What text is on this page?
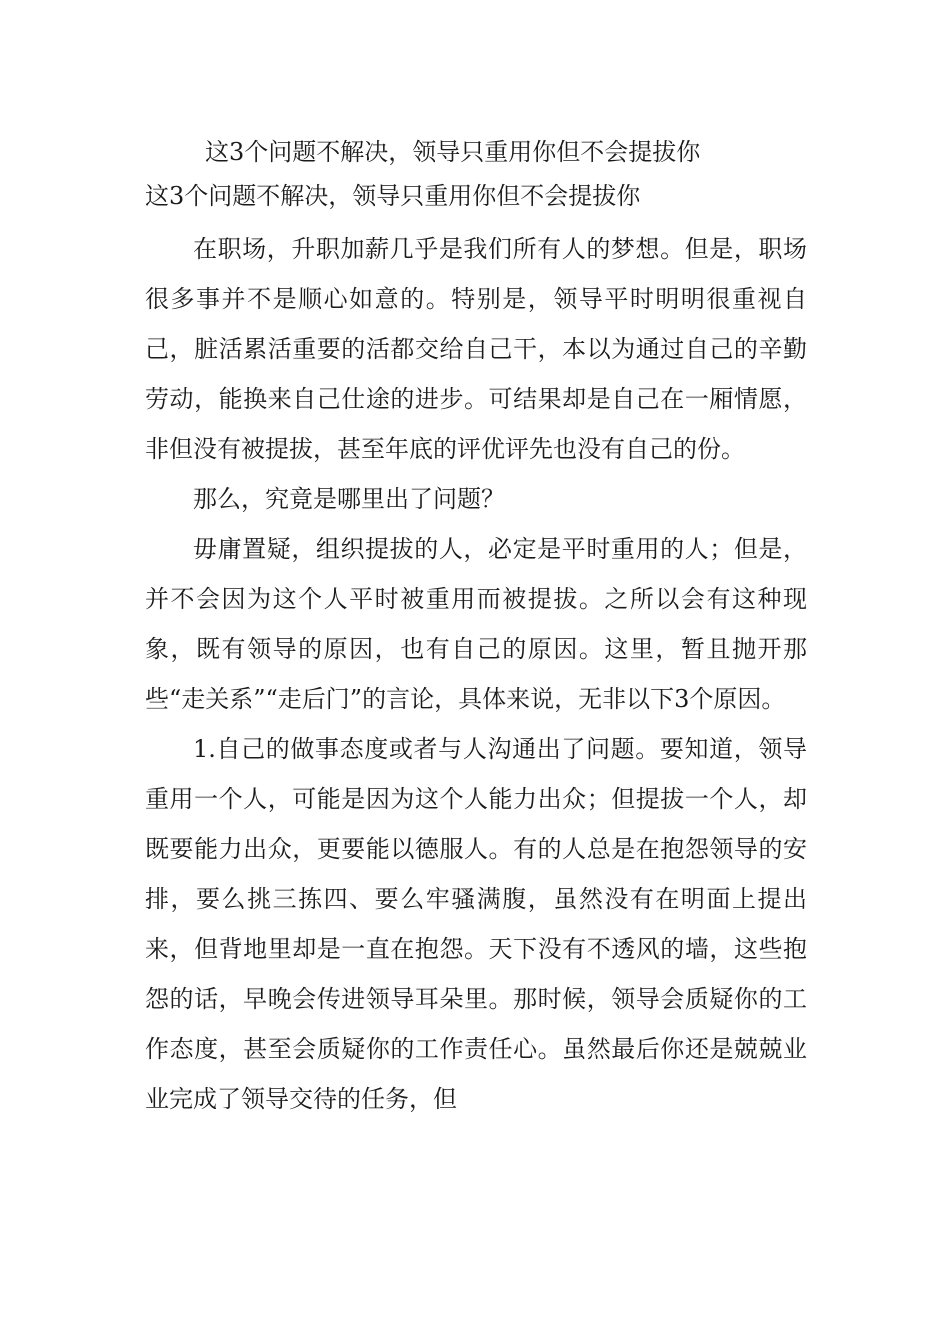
这3个问题不解决，领导只重用你但不会提拔你
这3个问题不解决，领导只重用你但不会提拔你

在职场，升职加薪几乎是我们所有人的梦想。但是，职场很多事并不是顺心如意的。特别是，领导平时明明很重视自己，脏活累活重要的活都交给自己干，本以为通过自己的辛勤劳动，能换来自己仕途的进步。可结果却是自己在一厢情愿，非但没有被提拔，甚至年底的评优评先也没有自己的份。

那么，究竟是哪里出了问题？

毋庸置疑，组织提拔的人，必定是平时重用的人；但是，并不会因为这个人平时被重用而被提拔。之所以会有这种现象，既有领导的原因，也有自己的原因。这里，暂且抛开那些“走关系”“走后门”的言论，具体来说，无非以下3个原因。

1.自己的做事态度或者与人沟通出了问题。要知道，领导重用一个人，可能是因为这个人能力出众；但提拔一个人，却既要能力出众，更要能以德服人。有的人总是在抱怨领导的安排，要么挑三拣四、要么牢骚满腹，虽然没有在明面上提出来，但背地里却是一直在抱怨。天下没有不透风的墙，这些抱怨的话，早晚会传进领导耳朵里。那时候，领导会质疑你的工作态度，甚至会质疑你的工作责任心。虽然最后你还是兢兢业业完成了领导交待的任务，但
